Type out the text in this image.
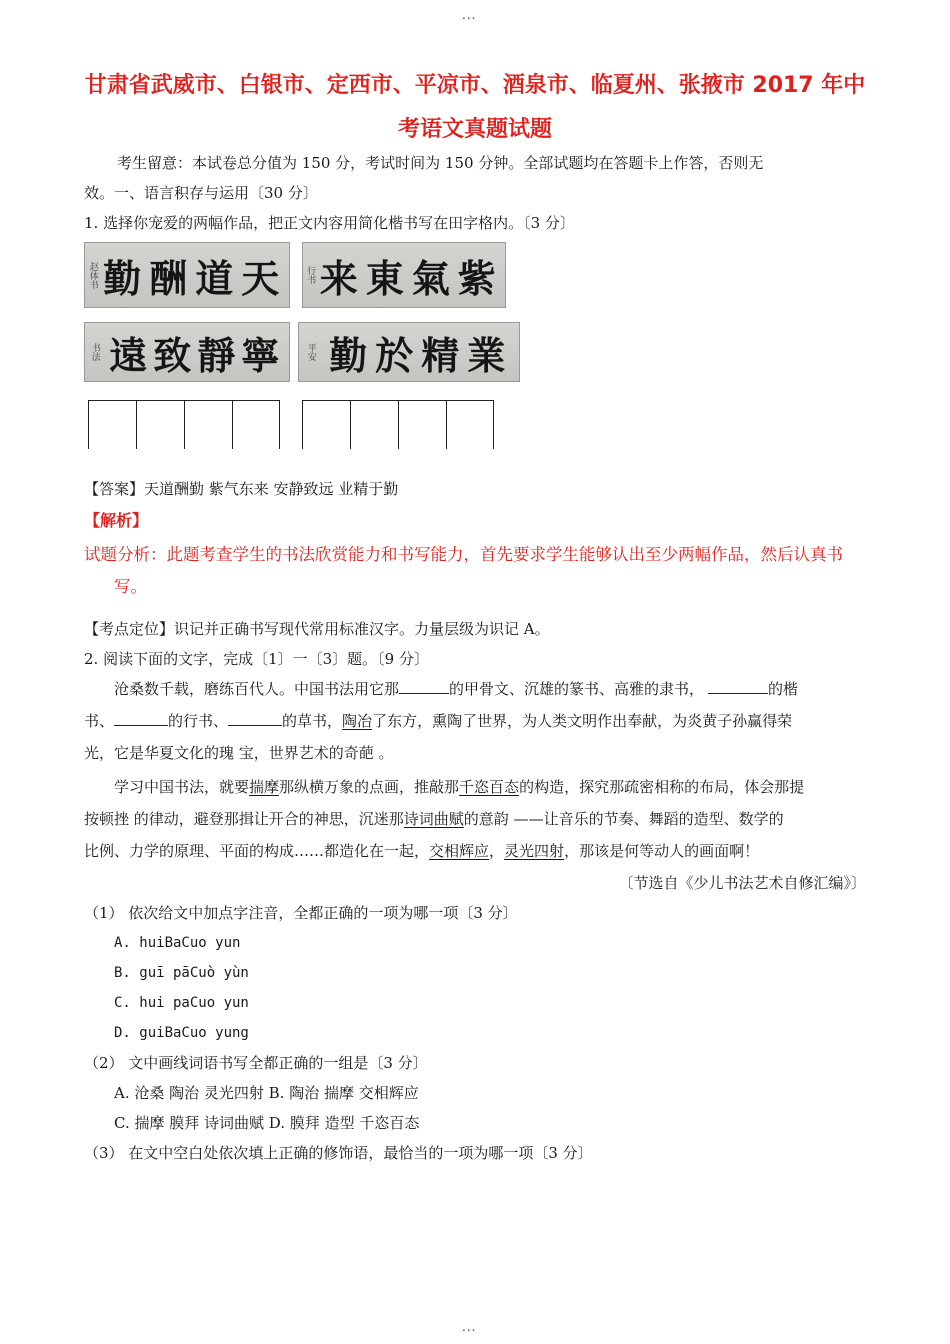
...
甘肃省武威市、白银市、定西市、平凉市、酒泉市、临夏州、张掖市 2017 年中
考语文真题试题
考生留意：本试卷总分值为 150 分，考试时间为 150 分钟。全部试题均在答题卡上作答，否则无
效。一、语言积存与运用〔30 分〕
1. 选择你宠爱的两幅作品，把正文内容用简化楷书写在田字格内。〔3 分〕
赵体书 勤酬道天 行书 来東氣紫
书法 遠致靜寧 平安 勤於精業
【答案】天道酬勤 紫气东来 安静致远 业精于勤
【解析】
试题分析：此题考查学生的书法欣赏能力和书写能力，首先要求学生能够认出至少两幅作品，然后认真书
写。
【考点定位】识记并正确书写现代常用标准汉字。力量层级为识记 A。
2. 阅读下面的文字，完成〔1〕一〔3〕题。〔9 分〕
沧桑数千载，磨练百代人。中国书法用它那	的甲骨文、沉雄的篆书、高雅的隶书，	的楷
书、	的行书、	的草书，陶冶了东方，熏陶了世界，为人类文明作出奉献，为炎黄子孙赢得荣
光，它是华夏文化的瑰 宝，世界艺术的奇葩 。
学习中国书法，就要揣摩那纵横万象的点画，推敲那千恣百态的构造，探究那疏密相称的布局，体会那提
按顿挫 的律动，避登那揖让开合的神思，沉迷那诗词曲赋的意韵 ——让音乐的节奏、舞蹈的造型、数学的
比例、力学的原理、平面的构成……都造化在一起，交相辉应，灵光四射，那该是何等动人的画面啊！
〔节选自《少儿书法艺术自修汇编》〕
（1） 依次给文中加点字注音，全都正确的一项为哪一项〔3 分〕
A. huiBaCuo yun
B. guī pāCuò yùn
C. hui paCuo yun
D. guiBaCuo yung
（2） 文中画线词语书写全都正确的一组是〔3 分〕
A. 沧桑 陶治 灵光四射 B. 陶治 揣摩 交相辉应
C. 揣摩 膜拜 诗词曲赋 D. 膜拜 造型 千恣百态
（3） 在文中空白处依次填上正确的修饰语，最恰当的一项为哪一项〔3 分〕
...
